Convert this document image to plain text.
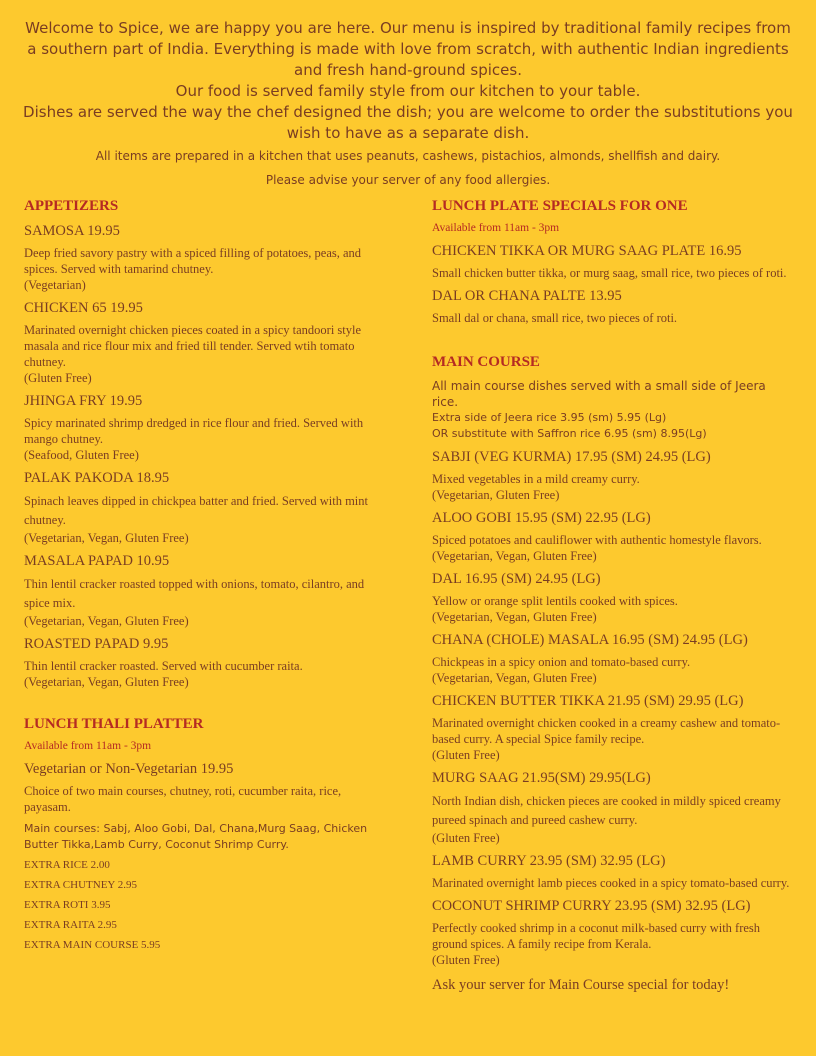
Welcome to Spice, we are happy you are here. Our menu is inspired by traditional family recipes from a southern part of India. Everything is made with love from scratch, with authentic Indian ingredients and fresh hand-ground spices.

Our food is served family style from our kitchen to your table.

Dishes are served the way the chef designed the dish; you are welcome to order the substitutions you wish to have as a separate dish.

All items are prepared in a kitchen that uses peanuts, cashews, pistachios, almonds, shellfish and dairy.

Please advise your server of any food allergies.

APPETIZERS
SAMOSA 19.95

Deep fried savory pastry with a spiced filling of potatoes, peas, and spices. Served with tamarind chutney.
(Vegetarian)

CHICKEN 65 19.95

Marinated overnight chicken pieces coated in a spicy tandoori style masala and rice flour mix and fried till tender. Served wtih tomato chutney.
(Gluten Free)

JHINGA FRY 19.95

Spicy marinated shrimp dredged in rice flour and fried. Served with mango chutney.
(Seafood, Gluten Free)

PALAK PAKODA 18.95

Spinach leaves dipped in chickpea batter and fried. Served with mint chutney.
(Vegetarian, Vegan, Gluten Free)

MASALA PAPAD 10.95

Thin lentil cracker roasted topped with onions, tomato, cilantro, and spice mix.
(Vegetarian, Vegan, Gluten Free)

ROASTED PAPAD 9.95

Thin lentil cracker roasted. Served with cucumber raita.
(Vegetarian, Vegan, Gluten Free)

LUNCH THALI PLATTER
Available from 11am - 3pm
Vegetarian or Non-Vegetarian 19.95

Choice of two main courses, chutney, roti, cucumber raita, rice, payasam.

Main courses: Sabj, Aloo Gobi, Dal, Chana,Murg Saag, Chicken Butter Tikka,Lamb Curry, Coconut Shrimp Curry.

EXTRA RICE 2.00
EXTRA CHUTNEY 2.95
EXTRA ROTI 3.95
EXTRA RAITA 2.95
EXTRA MAIN COURSE 5.95
LUNCH PLATE SPECIALS FOR ONE
Available from 11am - 3pm
CHICKEN TIKKA OR MURG SAAG PLATE 16.95

Small chicken butter tikka, or murg saag, small rice, two pieces of roti.

DAL OR CHANA PALTE 13.95

Small dal or chana, small rice, two pieces of roti.

MAIN COURSE
All main course dishes served with a small side of Jeera rice.
Extra side of Jeera rice 3.95 (sm) 5.95 (Lg)
OR substitute with Saffron rice 6.95 (sm) 8.95(Lg)
SABJI (VEG KURMA) 17.95 (SM) 24.95 (LG)

Mixed vegetables in a mild creamy curry.
(Vegetarian, Gluten Free)

ALOO GOBI 15.95 (SM) 22.95 (LG)

Spiced potatoes and cauliflower with authentic homestyle flavors.
(Vegetarian, Vegan, Gluten Free)

DAL 16.95 (SM) 24.95 (LG)

Yellow or orange split lentils cooked with spices.
(Vegetarian, Vegan, Gluten Free)

CHANA (CHOLE) MASALA 16.95 (SM) 24.95 (LG)

Chickpeas in a spicy onion and tomato-based curry.
(Vegetarian, Vegan, Gluten Free)

CHICKEN BUTTER TIKKA 21.95 (SM) 29.95 (LG)

Marinated overnight chicken cooked in a creamy cashew and tomato-based curry. A special Spice family recipe.
(Gluten Free)

MURG SAAG 21.95(SM) 29.95(LG)

North Indian dish, chicken pieces are cooked in mildly spiced creamy pureed spinach and pureed cashew curry.
(Gluten Free)

LAMB CURRY 23.95 (SM) 32.95 (LG)

Marinated overnight lamb pieces cooked in a spicy tomato-based curry.

COCONUT SHRIMP CURRY 23.95 (SM) 32.95 (LG)

Perfectly cooked shrimp in a coconut milk-based curry with fresh ground spices. A family recipe from Kerala.
(Gluten Free)

Ask your server for Main Course special for today!
